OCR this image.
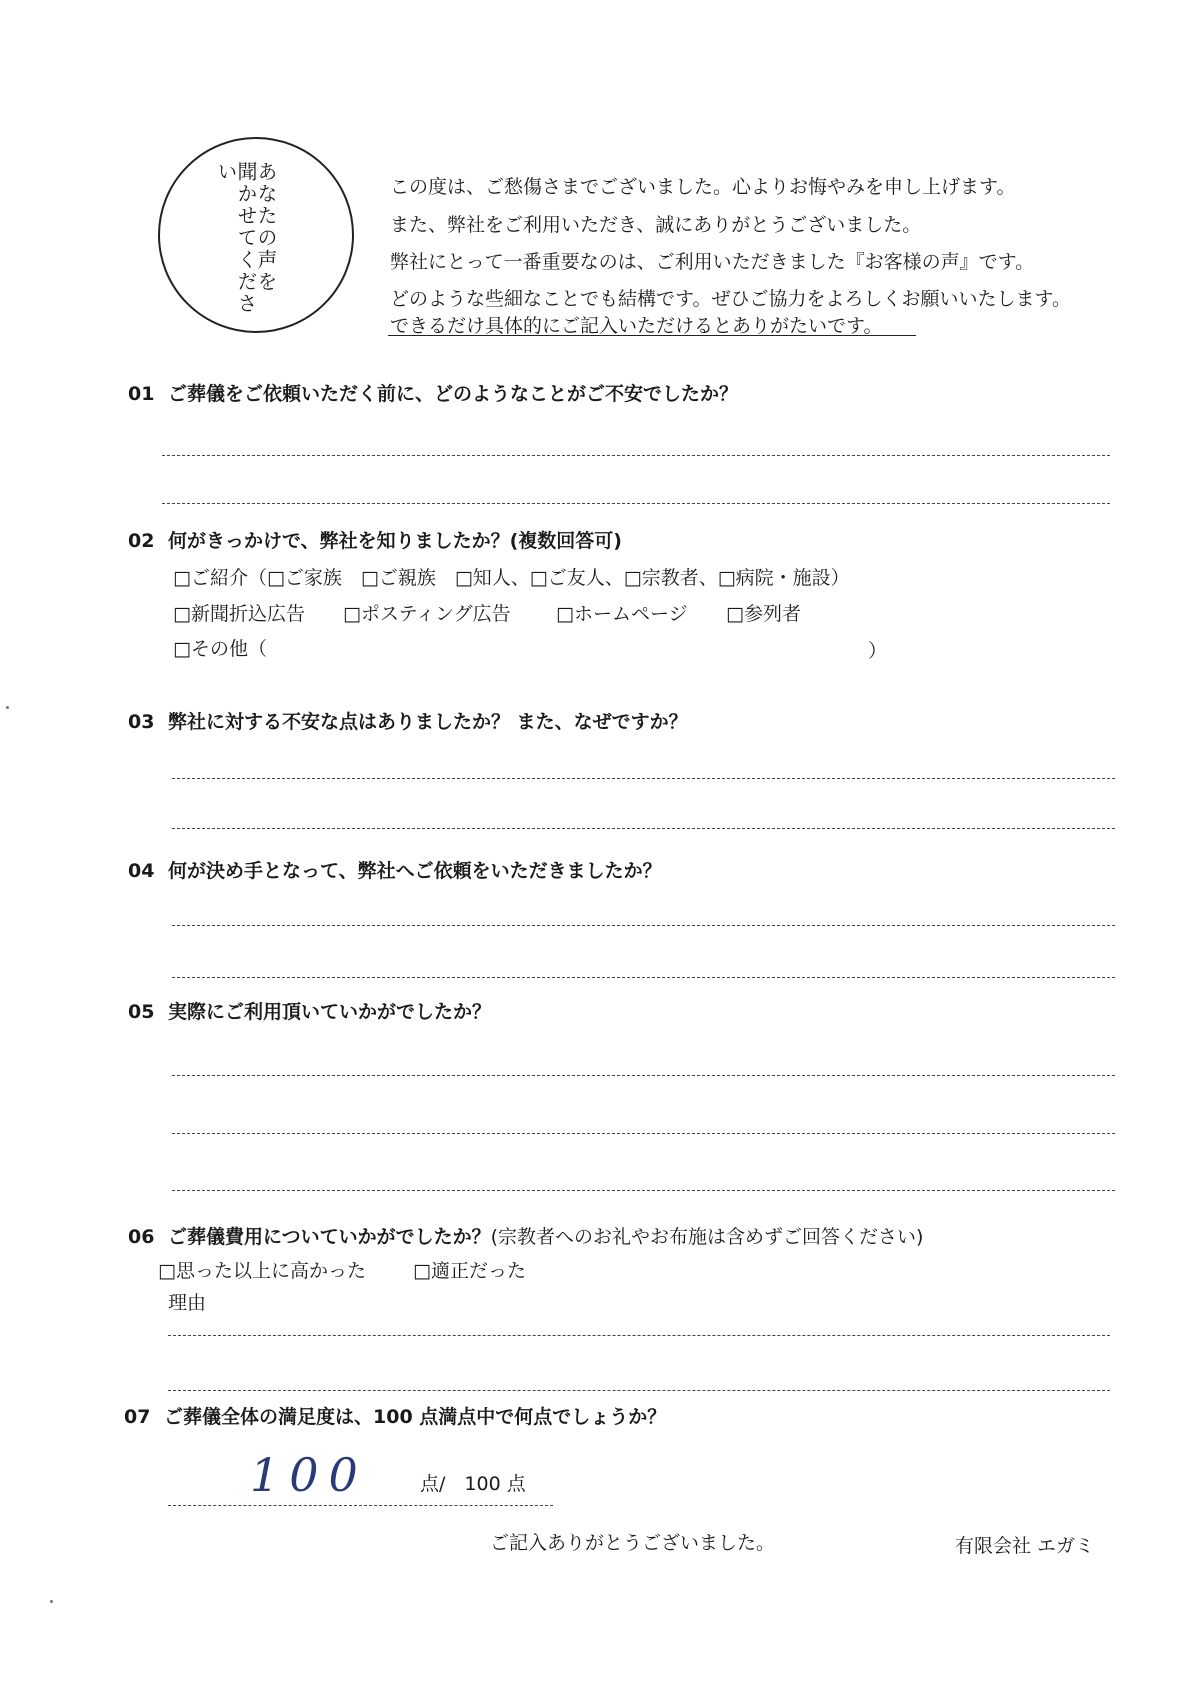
あなたの声を
聞かせてください
この度は、ご愁傷さまでございました。心よりお悔やみを申し上げます。
また、弊社をご利用いただき、誠にありがとうございました。
弊社にとって一番重要なのは、ご利用いただきました『お客様の声』です。
どのような些細なことでも結構です。ぜひご協力をよろしくお願いいたします。
できるだけ具体的にご記入いただけるとありがたいです。
01 ご葬儀をご依頼いただく前に、どのようなことがご不安でしたか？
02 何がきっかけで、弊社を知りましたか？(複数回答可)
□ご紹介（□ご家族　□ご親族　□知人、□ご友人、□宗教者、□病院・施設）
□新聞折込広告 □ポスティング広告 □ホームページ □参列者
□その他（	）
03 弊社に対する不安な点はありましたか？ また、なぜですか？
04 何が決め手となって、弊社へご依頼をいただきましたか？
05 実際にご利用頂いていかがでしたか？
06 ご葬儀費用についていかがでしたか？(宗教者へのお礼やお布施は含めずご回答ください)
□思った以上に高かった □適正だった
理由
07 ご葬儀全体の満足度は、100 点満点中で何点でしょうか？
100	点/　100 点
ご記入ありがとうございました。	有限会社 エガミ
